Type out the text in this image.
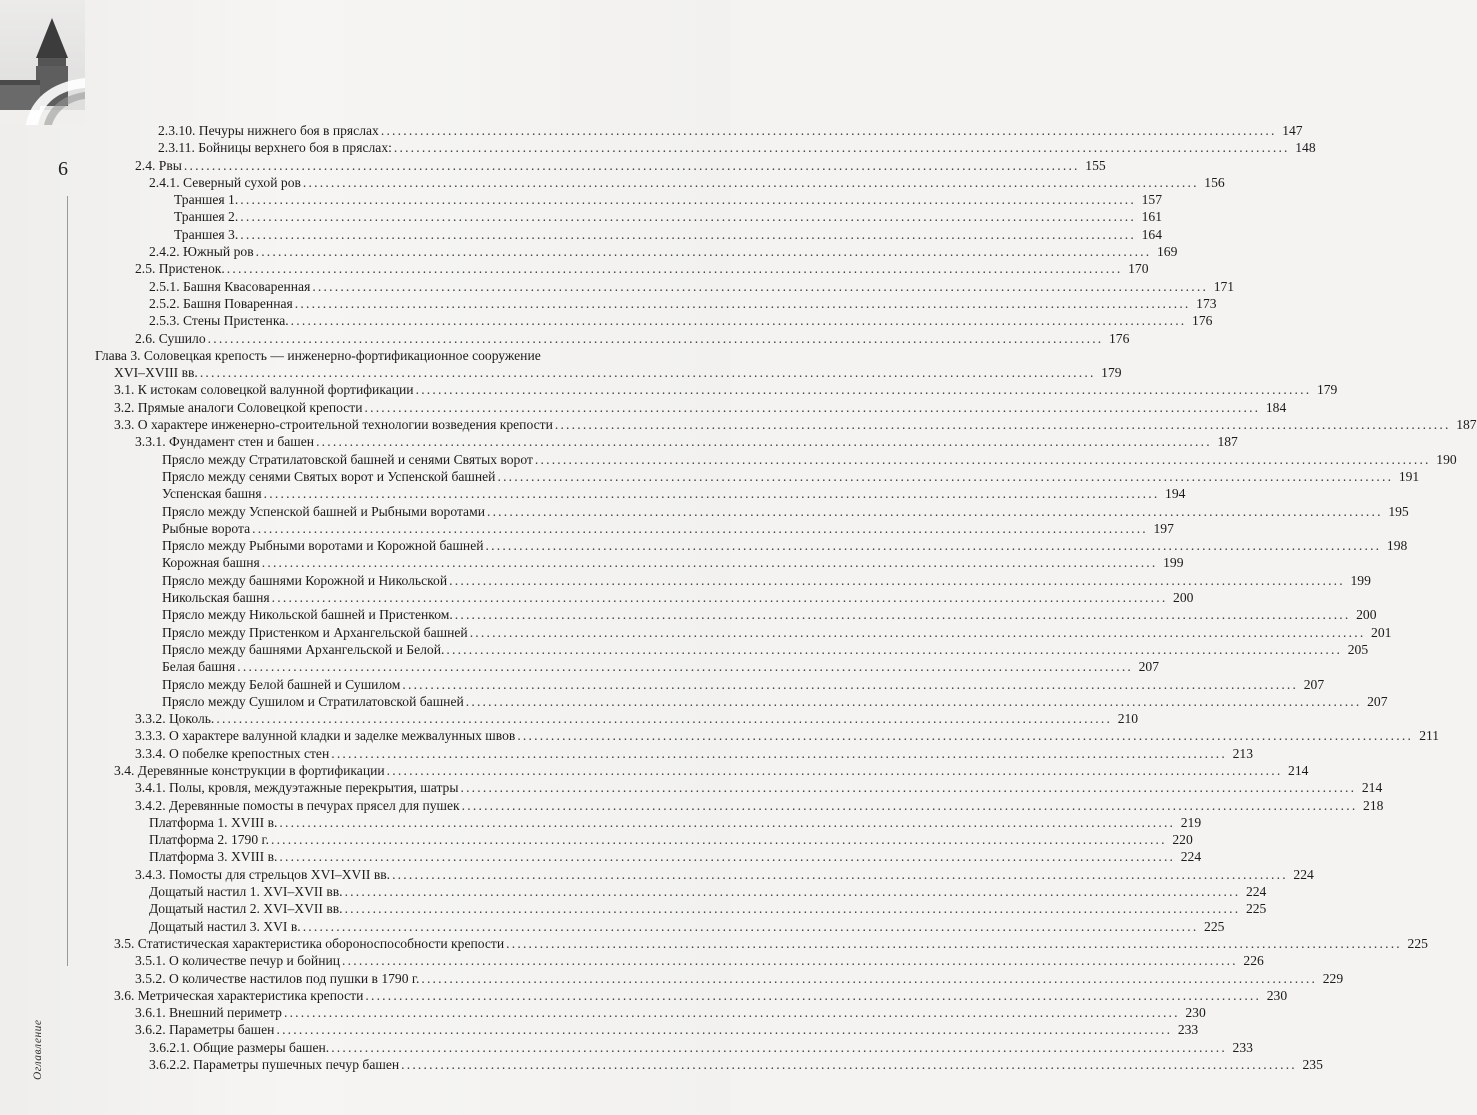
6
Оглавление
2.3.10. Печуры нижнего боя в пряслах ................................................................................................................................................................ 147
2.3.11. Бойницы верхнего боя в пряслах: ................................................................................................................................................................ 148
2.4. Рвы ................................................................................................................................................................ 155
2.4.1. Северный сухой ров ................................................................................................................................................................ 156
Траншея 1. ................................................................................................................................................................ 157
Траншея 2. ................................................................................................................................................................ 161
Траншея 3. ................................................................................................................................................................ 164
2.4.2. Южный ров ................................................................................................................................................................ 169
2.5. Пристенок. ................................................................................................................................................................ 170
2.5.1. Башня Квасоваренная ................................................................................................................................................................ 171
2.5.2. Башня Поваренная ................................................................................................................................................................ 173
2.5.3. Стены Пристенка. ................................................................................................................................................................ 176
2.6. Сушило ................................................................................................................................................................ 176
Глава 3. Соловецкая крепость — инженерно-фортификационное сооружение
XVI–XVIII вв. ................................................................................................................................................................ 179
3.1. К истокам соловецкой валунной фортификации ................................................................................................................................................................ 179
3.2. Прямые аналоги Соловецкой крепости ................................................................................................................................................................ 184
3.3. О характере инженерно-строительной технологии возведения крепости ................................................................................................................................................................ 187
3.3.1. Фундамент стен и башен ................................................................................................................................................................ 187
Прясло между Стратилатовской башней и сенями Святых ворот ................................................................................................................................................................ 190
Прясло между сенями Святых ворот и Успенской башней ................................................................................................................................................................ 191
Успенская башня ................................................................................................................................................................ 194
Прясло между Успенской башней и Рыбными воротами ................................................................................................................................................................ 195
Рыбные ворота ................................................................................................................................................................ 197
Прясло между Рыбными воротами и Корожной башней ................................................................................................................................................................ 198
Корожная башня ................................................................................................................................................................ 199
Прясло между башнями Корожной и Никольской ................................................................................................................................................................ 199
Никольская башня ................................................................................................................................................................ 200
Прясло между Никольской башней и Пристенком. ................................................................................................................................................................ 200
Прясло между Пристенком и Архангельской башней ................................................................................................................................................................ 201
Прясло между башнями Архангельской и Белой. ................................................................................................................................................................ 205
Белая башня ................................................................................................................................................................ 207
Прясло между Белой башней и Сушилом ................................................................................................................................................................ 207
Прясло между Сушилом и Стратилатовской башней ................................................................................................................................................................ 207
3.3.2. Цоколь. ................................................................................................................................................................ 210
3.3.3. О характере валунной кладки и заделке межвалунных швов ................................................................................................................................................................ 211
3.3.4. О побелке крепостных стен ................................................................................................................................................................ 213
3.4. Деревянные конструкции в фортификации ................................................................................................................................................................ 214
3.4.1. Полы, кровля, междуэтажные перекрытия, шатры ................................................................................................................................................................ 214
3.4.2. Деревянные помосты в печурах прясел для пушек ................................................................................................................................................................ 218
Платформа 1. XVIII в. ................................................................................................................................................................ 219
Платформа 2. 1790 г. ................................................................................................................................................................ 220
Платформа 3. XVIII в. ................................................................................................................................................................ 224
3.4.3. Помосты для стрельцов XVI–XVII вв. ................................................................................................................................................................ 224
Дощатый настил 1. XVI–XVII вв. ................................................................................................................................................................ 224
Дощатый настил 2. XVI–XVII вв. ................................................................................................................................................................ 225
Дощатый настил 3. XVI в. ................................................................................................................................................................ 225
3.5. Статистическая характеристика обороноспособности крепости ................................................................................................................................................................ 225
3.5.1. О количестве печур и бойниц ................................................................................................................................................................ 226
3.5.2. О количестве настилов под пушки в 1790 г. ................................................................................................................................................................ 229
3.6. Метрическая характеристика крепости ................................................................................................................................................................ 230
3.6.1. Внешний периметр ................................................................................................................................................................ 230
3.6.2. Параметры башен ................................................................................................................................................................ 233
3.6.2.1. Общие размеры башен. ................................................................................................................................................................ 233
3.6.2.2. Параметры пушечных печур башен ................................................................................................................................................................ 235
